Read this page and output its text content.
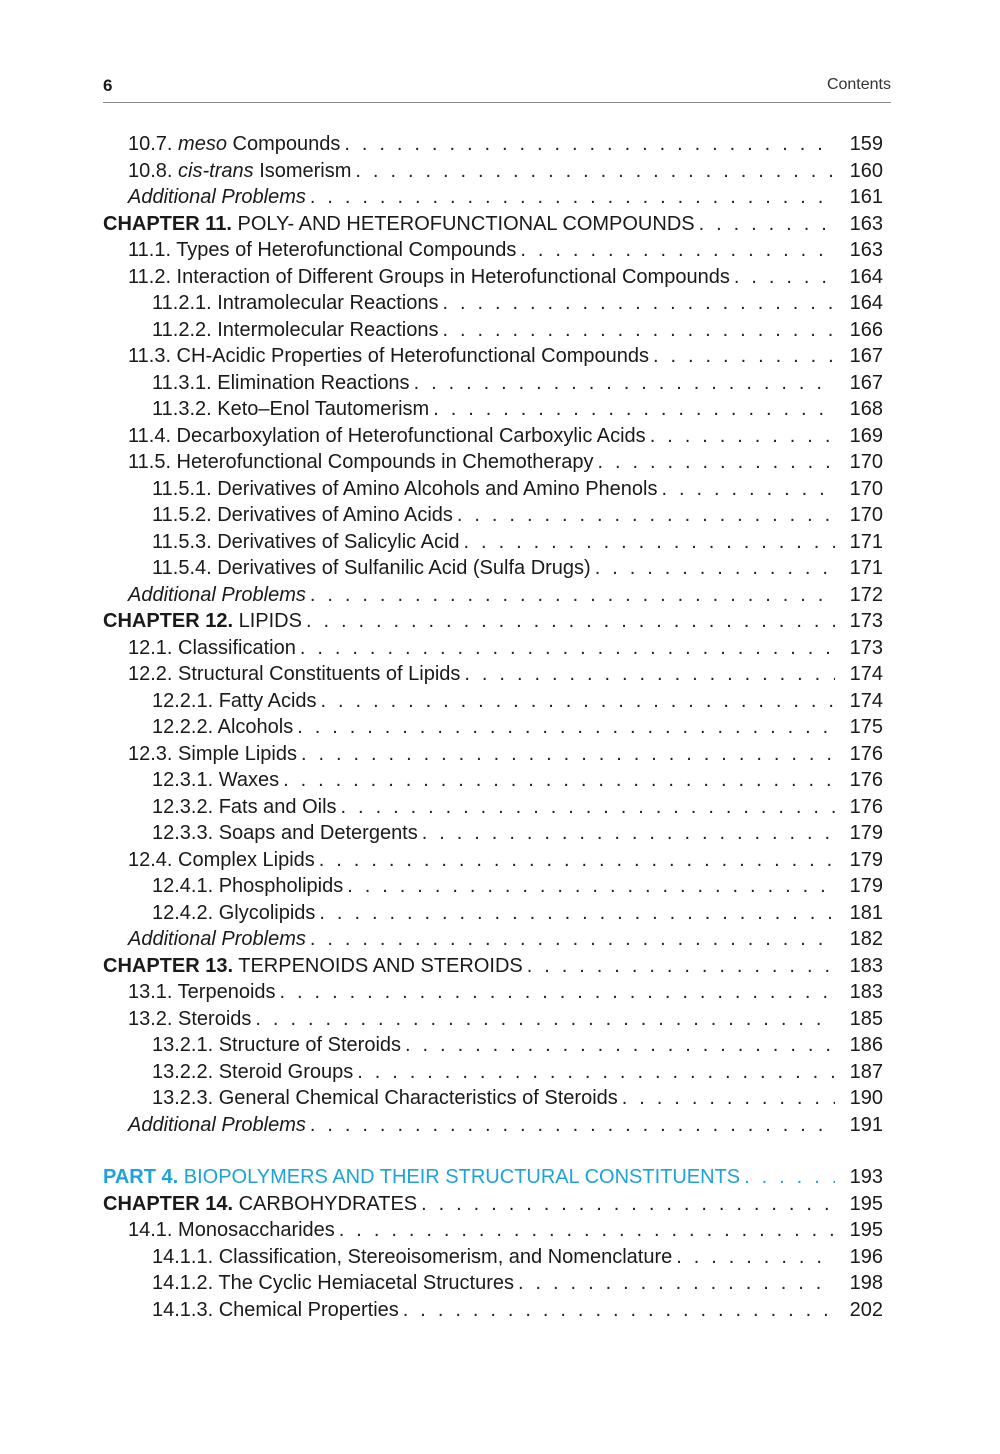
6	Contents
10.7. meso Compounds . . .	159
10.8. cis-trans Isomerism . . .	160
Additional Problems . . .	161
CHAPTER 11. POLY- AND HETEROFUNCTIONAL COMPOUNDS . . .	163
11.1. Types of Heterofunctional Compounds . . .	163
11.2. Interaction of Different Groups in Heterofunctional Compounds . . .	164
11.2.1. Intramolecular Reactions . . .	164
11.2.2. Intermolecular Reactions . . .	166
11.3. CH-Acidic Properties of Heterofunctional Compounds . . .	167
11.3.1. Elimination Reactions . . .	167
11.3.2. Keto–Enol Tautomerism . . .	168
11.4. Decarboxylation of Heterofunctional Carboxylic Acids . . .	169
11.5. Heterofunctional Compounds in Chemotherapy . . .	170
11.5.1. Derivatives of Amino Alcohols and Amino Phenols . . .	170
11.5.2. Derivatives of Amino Acids . . .	170
11.5.3. Derivatives of Salicylic Acid . . .	171
11.5.4. Derivatives of Sulfanilic Acid (Sulfa Drugs) . . .	171
Additional Problems . . .	172
CHAPTER 12. LIPIDS . . .	173
12.1. Classification . . .	173
12.2. Structural Constituents of Lipids . . .	174
12.2.1. Fatty Acids . . .	174
12.2.2. Alcohols . . .	175
12.3. Simple Lipids . . .	176
12.3.1. Waxes . . .	176
12.3.2. Fats and Oils . . .	176
12.3.3. Soaps and Detergents . . .	179
12.4. Complex Lipids . . .	179
12.4.1. Phospholipids . . .	179
12.4.2. Glycolipids . . .	181
Additional Problems . . .	182
CHAPTER 13. TERPENOIDS AND STEROIDS . . .	183
13.1. Terpenoids . . .	183
13.2. Steroids . . .	185
13.2.1. Structure of Steroids . . .	186
13.2.2. Steroid Groups . . .	187
13.2.3. General Chemical Characteristics of Steroids . . .	190
Additional Problems . . .	191
PART 4. BIOPOLYMERS AND THEIR STRUCTURAL CONSTITUENTS . . .	193
CHAPTER 14. CARBOHYDRATES . . .	195
14.1. Monosaccharides . . .	195
14.1.1. Classification, Stereoisomerism, and Nomenclature . . .	196
14.1.2. The Cyclic Hemiacetal Structures . . .	198
14.1.3. Chemical Properties . . .	202
